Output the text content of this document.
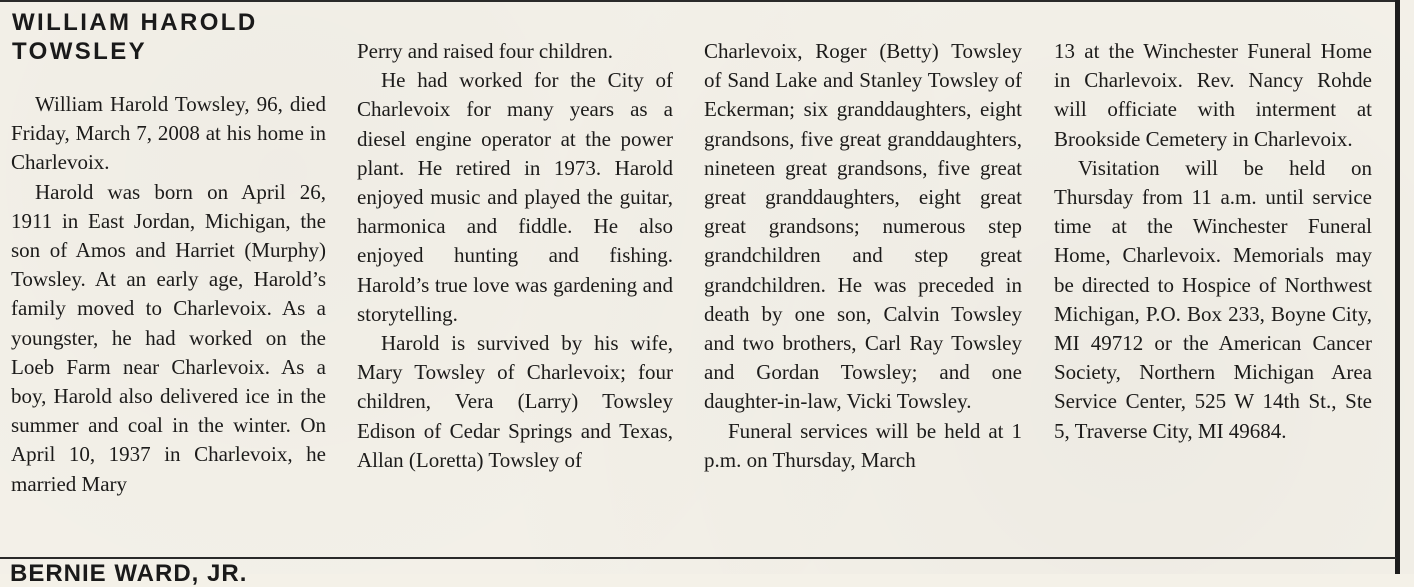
WILLIAM HAROLD
TOWSLEY

William Harold Towsley, 96, died Friday, March 7, 2008 at his home in Charlevoix.

Harold was born on April 26, 1911 in East Jordan, Michigan, the son of Amos and Harriet (Murphy) Towsley. At an early age, Harold’s family moved to Charlevoix. As a youngster, he had worked on the Loeb Farm near Charlevoix. As a boy, Harold also delivered ice in the summer and coal in the winter. On April 10, 1937 in Charlevoix, he married Mary

Perry and raised four children.

He had worked for the City of Charlevoix for many years as a diesel engine operator at the power plant. He retired in 1973. Harold enjoyed music and played the guitar, harmonica and fiddle. He also enjoyed hunting and fishing. Harold’s true love was gardening and storytelling.

Harold is survived by his wife, Mary Towsley of Charlevoix; four children, Vera (Larry) Towsley Edison of Cedar Springs and Texas, Allan (Loretta) Towsley of

Charlevoix, Roger (Betty) Towsley of Sand Lake and Stanley Towsley of Eckerman; six granddaughters, eight grandsons, five great granddaughters, nineteen great grandsons, five great great granddaughters, eight great great grandsons; numerous step grandchildren and step great grandchildren. He was preceded in death by one son, Calvin Towsley and two brothers, Carl Ray Towsley and Gordan Towsley; and one daughter-in-law, Vicki Towsley.

Funeral services will be held at 1 p.m. on Thursday, March

13 at the Winchester Funeral Home in Charlevoix. Rev. Nancy Rohde will officiate with interment at Brookside Cemetery in Charlevoix.

Visitation will be held on Thursday from 11 a.m. until service time at the Winchester Funeral Home, Charlevoix. Memorials may be directed to Hospice of Northwest Michigan, P.O. Box 233, Boyne City, MI 49712 or the American Cancer Society, Northern Michigan Area Service Center, 525 W 14th St., Ste 5, Traverse City, MI 49684.

BERNIE WARD, JR.
